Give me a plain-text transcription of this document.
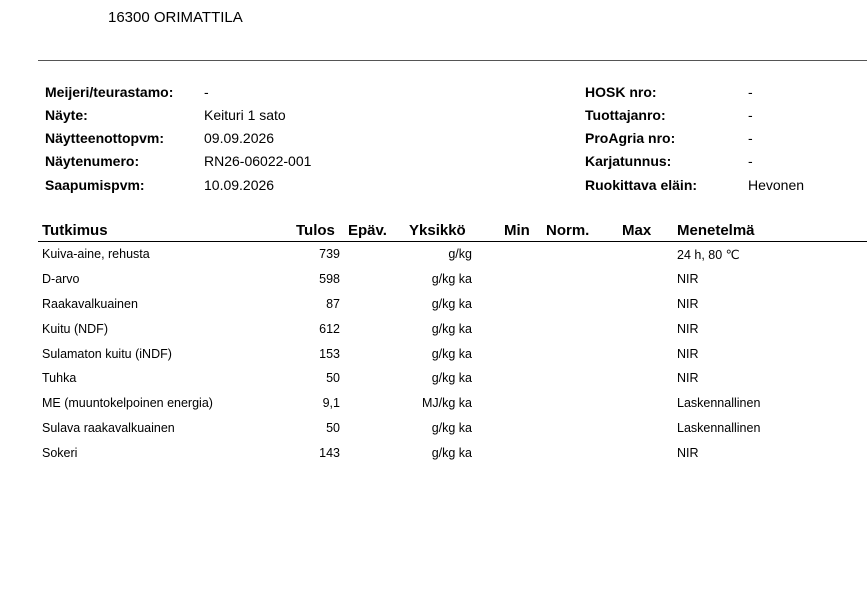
16300 ORIMATTILA
Meijeri/teurastamo: -
Näyte:	Keituri 1 sato
Näytteenottopvm:	09.09.2026
Näytenumero:	RN26-06022-001
Saapumispvm:	10.09.2026
HOSK nro:	-
Tuottajanro:	-
ProAgria nro:	-
Karjatunnus:	-
Ruokittava eläin:	Hevonen
Tutkimus	Tulos Epäv. Yksikkö	Min Norm. Max Menetelmä
Kuiva-aine, rehusta	739	g/kg	24 h, 80 ℃
D-arvo	598	g/kg ka	NIR
Raakavalkuainen	87	g/kg ka	NIR
Kuitu (NDF)	612	g/kg ka	NIR
Sulamaton kuitu (iNDF)	153	g/kg ka	NIR
Tuhka	50	g/kg ka	NIR
ME (muuntokelpoinen energia)	9,1	MJ/kg ka	Laskennallinen
Sulava raakavalkuainen	50	g/kg ka	Laskennallinen
Sokeri	143	g/kg ka	NIR
